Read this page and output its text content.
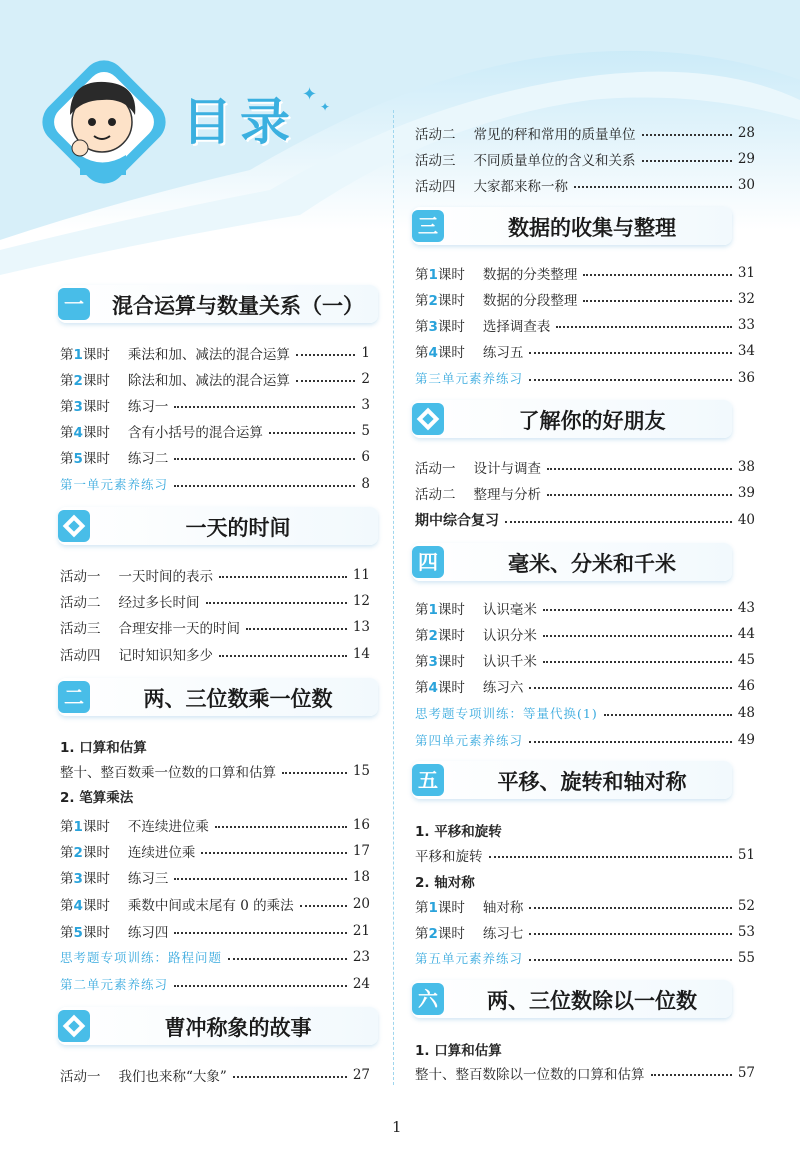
目录 ✦
✦
1
一	混合运算与数量关系（一）
第1课时 乘法和加、减法的混合运算	1
第2课时 除法和加、减法的混合运算	2
第3课时 练习一	3
第4课时 含有小括号的混合运算	5
第5课时 练习二	6
第一单元素养练习	8
一天的时间
活动一 一天时间的表示	11
活动二 经过多长时间	12
活动三 合理安排一天的时间	13
活动四 记时知识知多少	14
二	两、三位数乘一位数
1. 口算和估算
整十、整百数乘一位数的口算和估算	15
2. 笔算乘法
第1课时 不连续进位乘	16
第2课时 连续进位乘	17
第3课时 练习三	18
第4课时 乘数中间或末尾有 0 的乘法	20
第5课时 练习四	21
思考题专项训练：路程问题	23
第二单元素养练习	24
曹冲称象的故事
活动一 我们也来称“大象”	27
活动二 常见的秤和常用的质量单位	28
活动三 不同质量单位的含义和关系	29
活动四 大家都来称一称	30
三	数据的收集与整理
第1课时 数据的分类整理	31
第2课时 数据的分段整理	32
第3课时 选择调查表	33
第4课时 练习五	34
第三单元素养练习	36
了解你的好朋友
活动一 设计与调查	38
活动二 整理与分析	39
期中综合复习	40
四	毫米、分米和千米
第1课时 认识毫米	43
第2课时 认识分米	44
第3课时 认识千米	45
第4课时 练习六	46
思考题专项训练：等量代换(1)	48
第四单元素养练习	49
五	平移、旋转和轴对称
1. 平移和旋转
平移和旋转	51
2. 轴对称
第1课时 轴对称	52
第2课时 练习七	53
第五单元素养练习	55
六	两、三位数除以一位数
1. 口算和估算
整十、整百数除以一位数的口算和估算	57
